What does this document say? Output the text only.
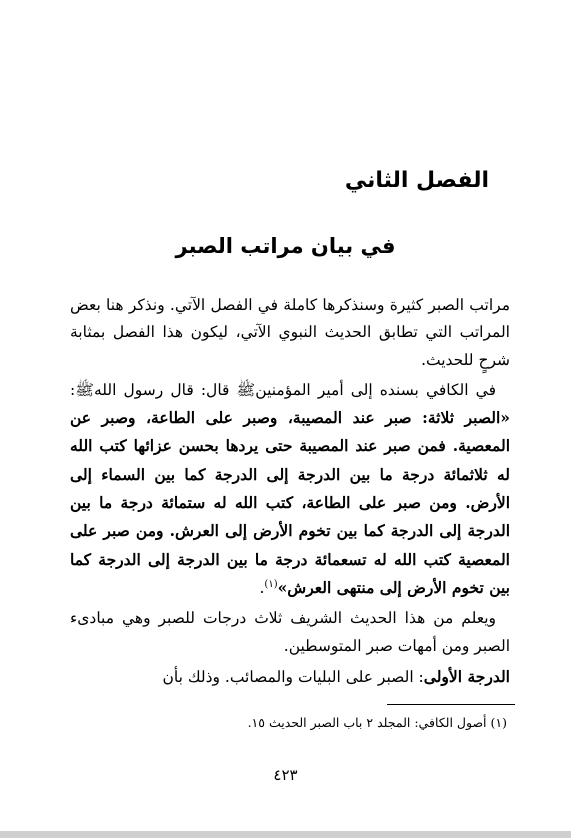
الفصل الثاني
في بيان مراتب الصبر

مراتب الصبر كثيرة وسنذكرها كاملة في الفصل الآتي. ونذكر هنا بعض المراتب التي تطابق الحديث النبوي الآتي، ليكون هذا الفصل بمثابة شرحٍ للحديث.

في الكافي بسنده إلى أمير المؤمنينﷺ قال: قال رسول اللهﷺ: «الصبر ثلاثة: صبر عند المصيبة، وصبر على الطاعة، وصبر عن المعصية. فمن صبر عند المصيبة حتى يردها بحسن عزائها كتب الله له ثلاثمائة درجة ما بين الدرجة إلى الدرجة كما بين السماء إلى الأرض. ومن صبر على الطاعة، كتب الله له ستمائة درجة ما بين الدرجة إلى الدرجة كما بين تخوم الأرض إلى العرش. ومن صبر على المعصية كتب الله له تسعمائة درجة ما بين الدرجة إلى الدرجة كما بين تخوم الأرض إلى منتهى العرش»$^{(١)}$.

ويعلم من هذا الحديث الشريف ثلاث درجات للصبر وهي مبادىء الصبر ومن أمهات صبر المتوسطين.

الدرجة الأولى: الصبر على البليات والمصائب. وذلك بأن

(١) أصول الكافي: المجلد ٢ باب الصبر الحديث ١٥.
٤٢٣
